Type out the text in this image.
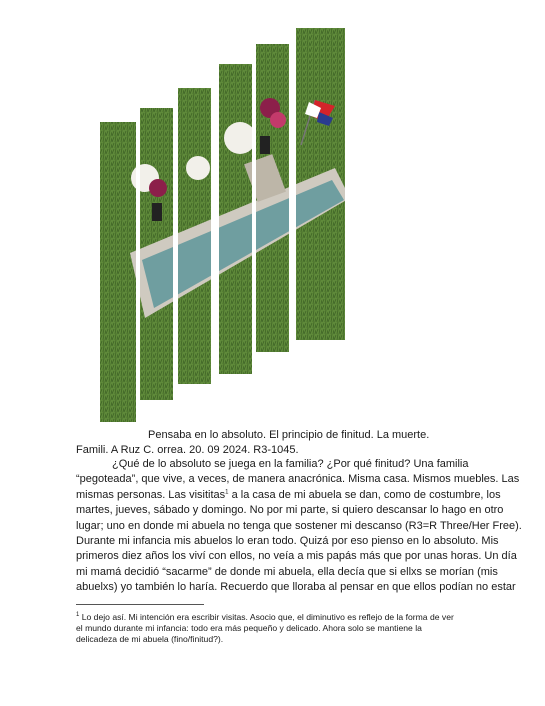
Pensaba en lo absoluto. El principio de finitud. La muerte.
Famili. A Ruz C. orrea. 20. 09 2024. R3-1045.
¿Qué de lo absoluto se juega en la familia? ¿Por qué finitud? Una familia
“pegoteada”, que vive, a veces, de manera anacrónica. Misma casa. Mismos muebles. Las
mismas personas. Las visititas$^1$ a la casa de mi abuela se dan, como de costumbre, los
martes, jueves, sábado y domingo. No por mi parte, si quiero descansar lo hago en otro
lugar; uno en donde mi abuela no tenga que sostener mi descanso (R3=R Three/Her Free).
Durante mi infancia mis abuelos lo eran todo. Quizá por eso pienso en lo absoluto. Mis
primeros diez años los viví con ellos, no veía a mis papás más que por unas horas. Un día
mi mamá decidió “sacarme” de donde mi abuela, ella decía que si ellxs se morían (mis
abuelxs) yo también lo haría. Recuerdo que lloraba al pensar en que ellos podían no estar
$^1$ Lo dejo así. Mi intención era escribir visitas. Asocio que, el diminutivo es reflejo de la forma de ver
el mundo durante mi infancia: todo era más pequeño y delicado. Ahora solo se mantiene la
delicadeza de mi abuela (fino/finitud?).
